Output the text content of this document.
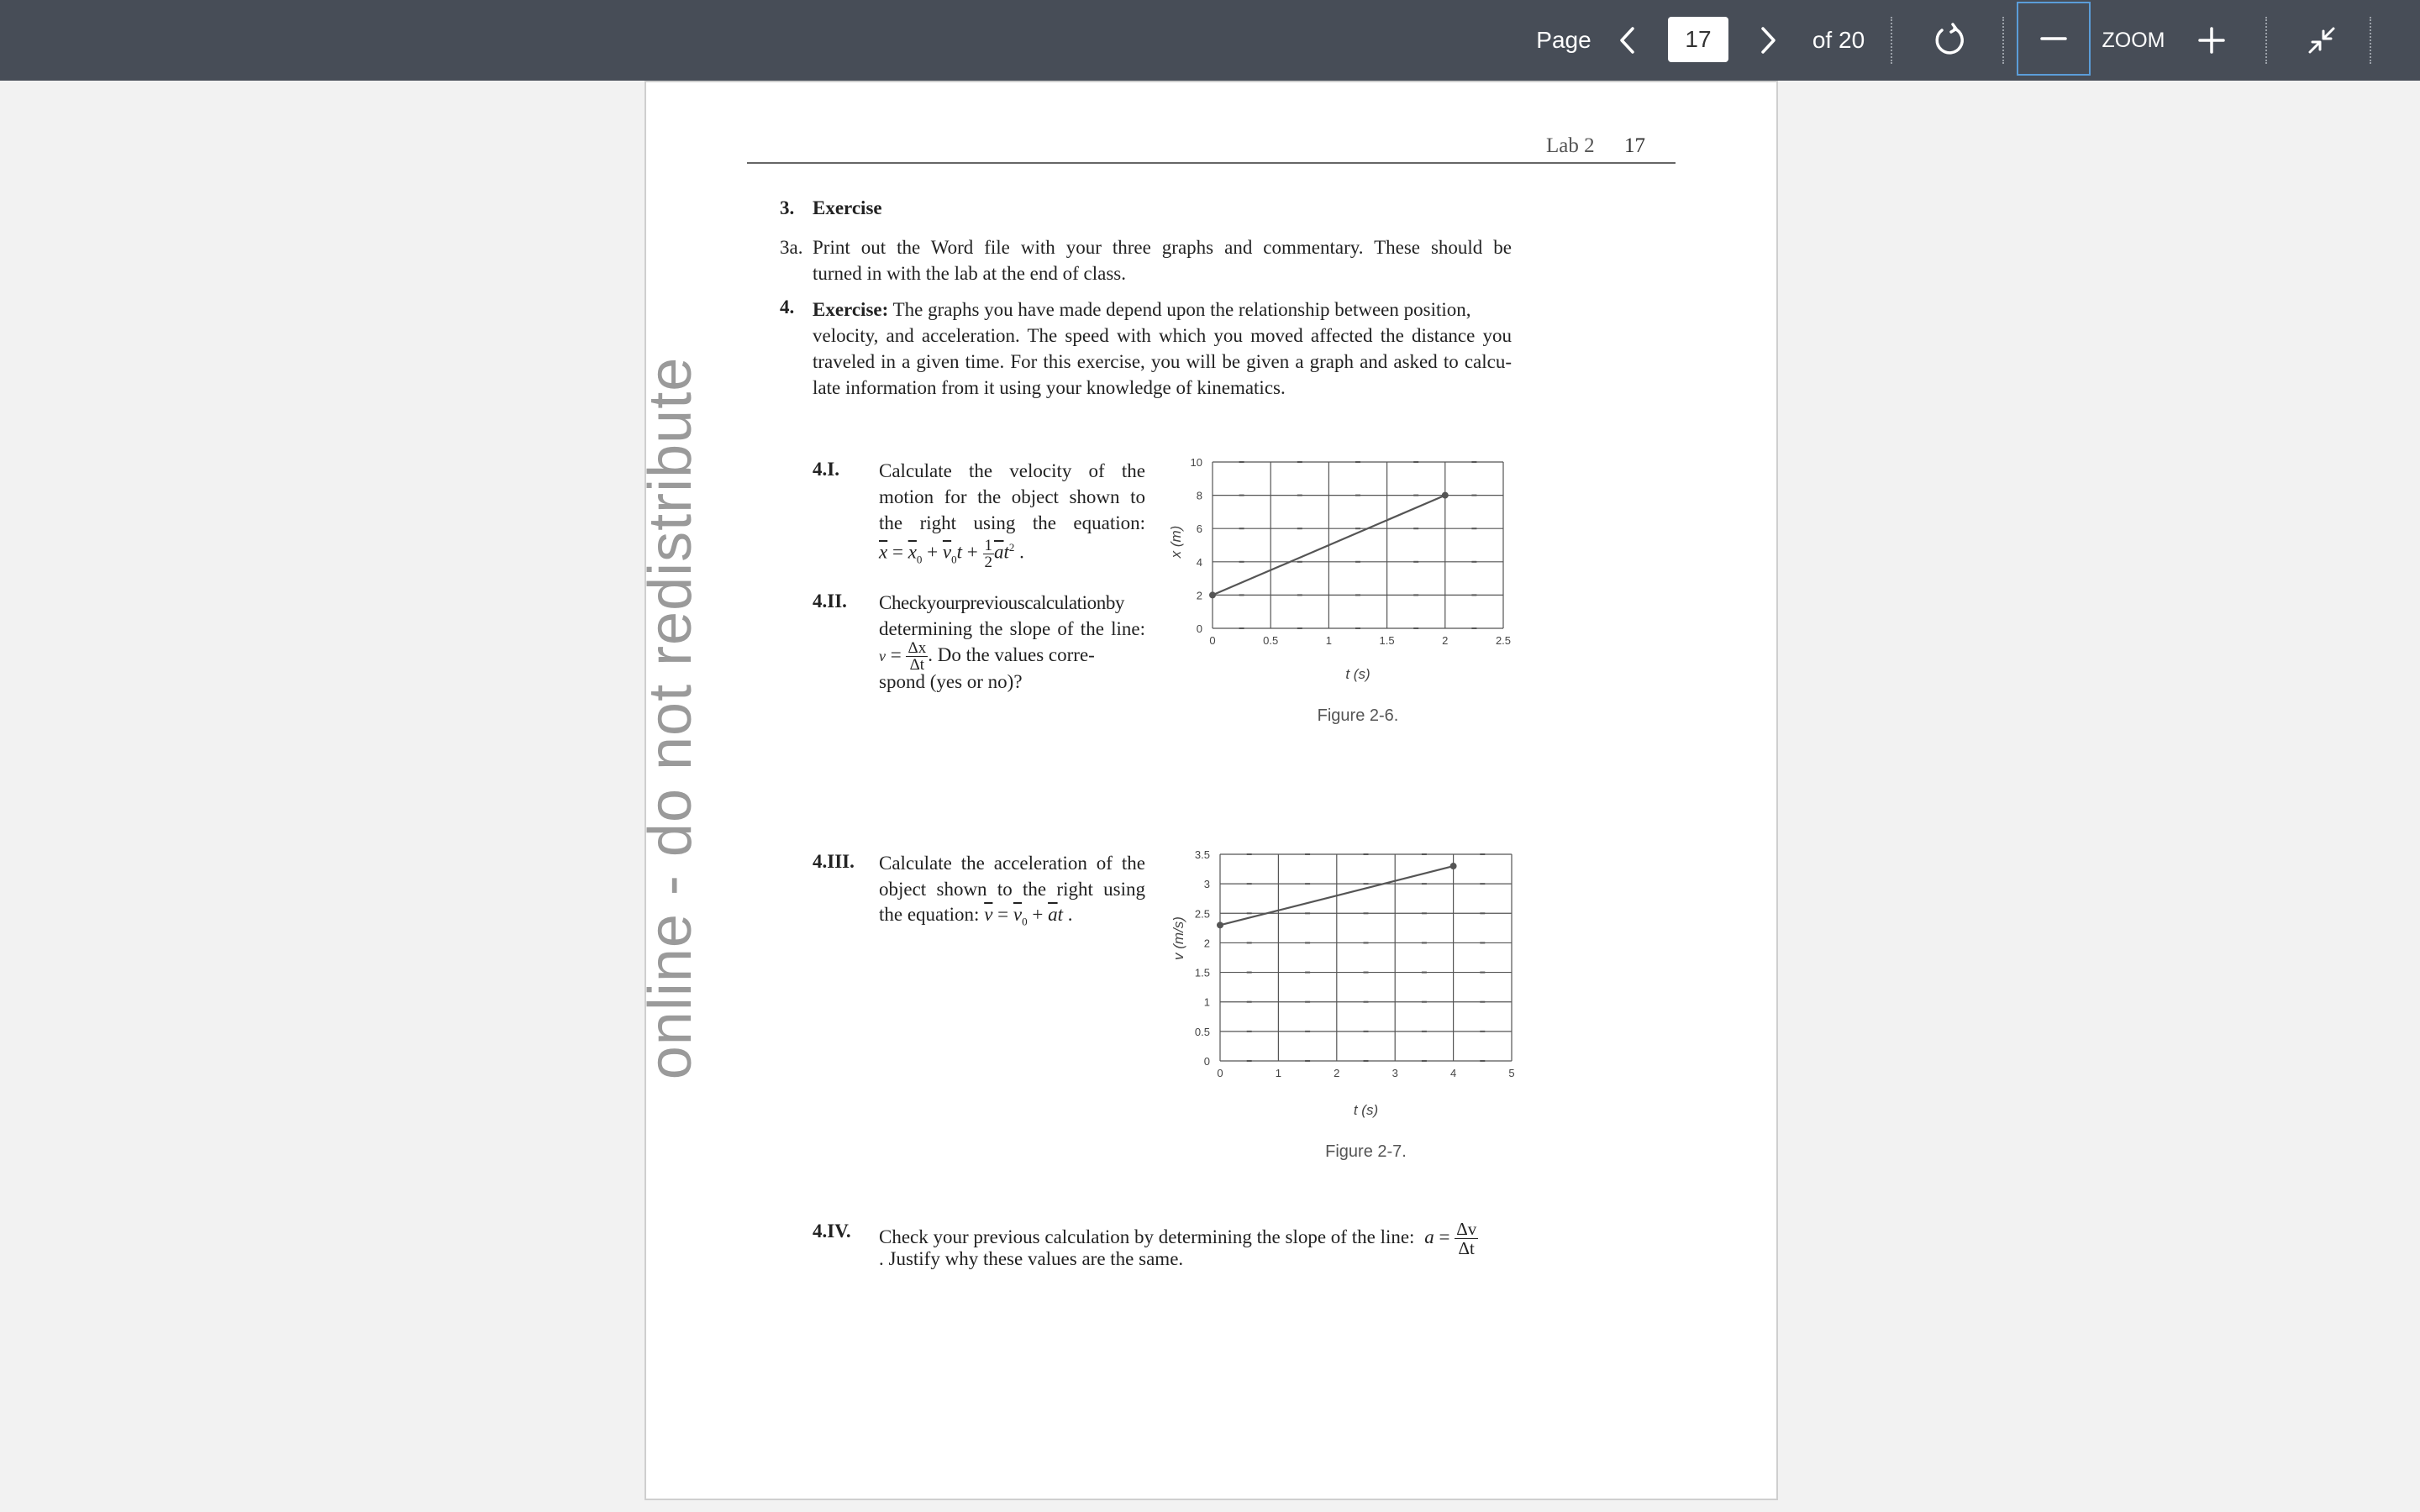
Page
17	of 20	ZOOM
online - do not redistribute
Lab 2 17
3. Exercise
3a. Print out the Word file with your three graphs and commentary. These should be
turned in with the lab at the end of class.
4. Exercise: The graphs you have made depend upon the relationship between position,
velocity, and acceleration. The speed with which you moved affected the distance you
traveled in a given time. For this exercise, you will be given a graph and asked to calcu-
late information from it using your knowledge of kinematics.
4.I. Calculate the velocity of the
motion for the object shown to
the right using the equation:
$\overline{x} = \overline{x}_0 + \overline{v}_0t + \frac{1}{2} \overline{a}t^2$ .
4.II. Checkyourpreviouscalculationby
determining the slope of the line:
$v = \frac{\Delta x}{\Delta t}$ . Do the values corre-
spond (yes or no)?
0	0.5	1	1.5	2	2.5
0
2
4
6
8
10
t (s)
x (m)
Figure 2-6.
4.III. Calculate the acceleration of the
object shown to the right using
the equation: $\overline{v} = \overline{v}_0 + \overline{a}t$ .
0	1	2	3	4	5
0
0.5
1
1.5
2
2.5
3
3.5
t (s)
v (m/s)
Figure 2-7.
4.IV. Check your previous calculation by determining the slope of the line: $a = \frac{\Delta v}{\Delta t}$
. Justify why these values are the same.
